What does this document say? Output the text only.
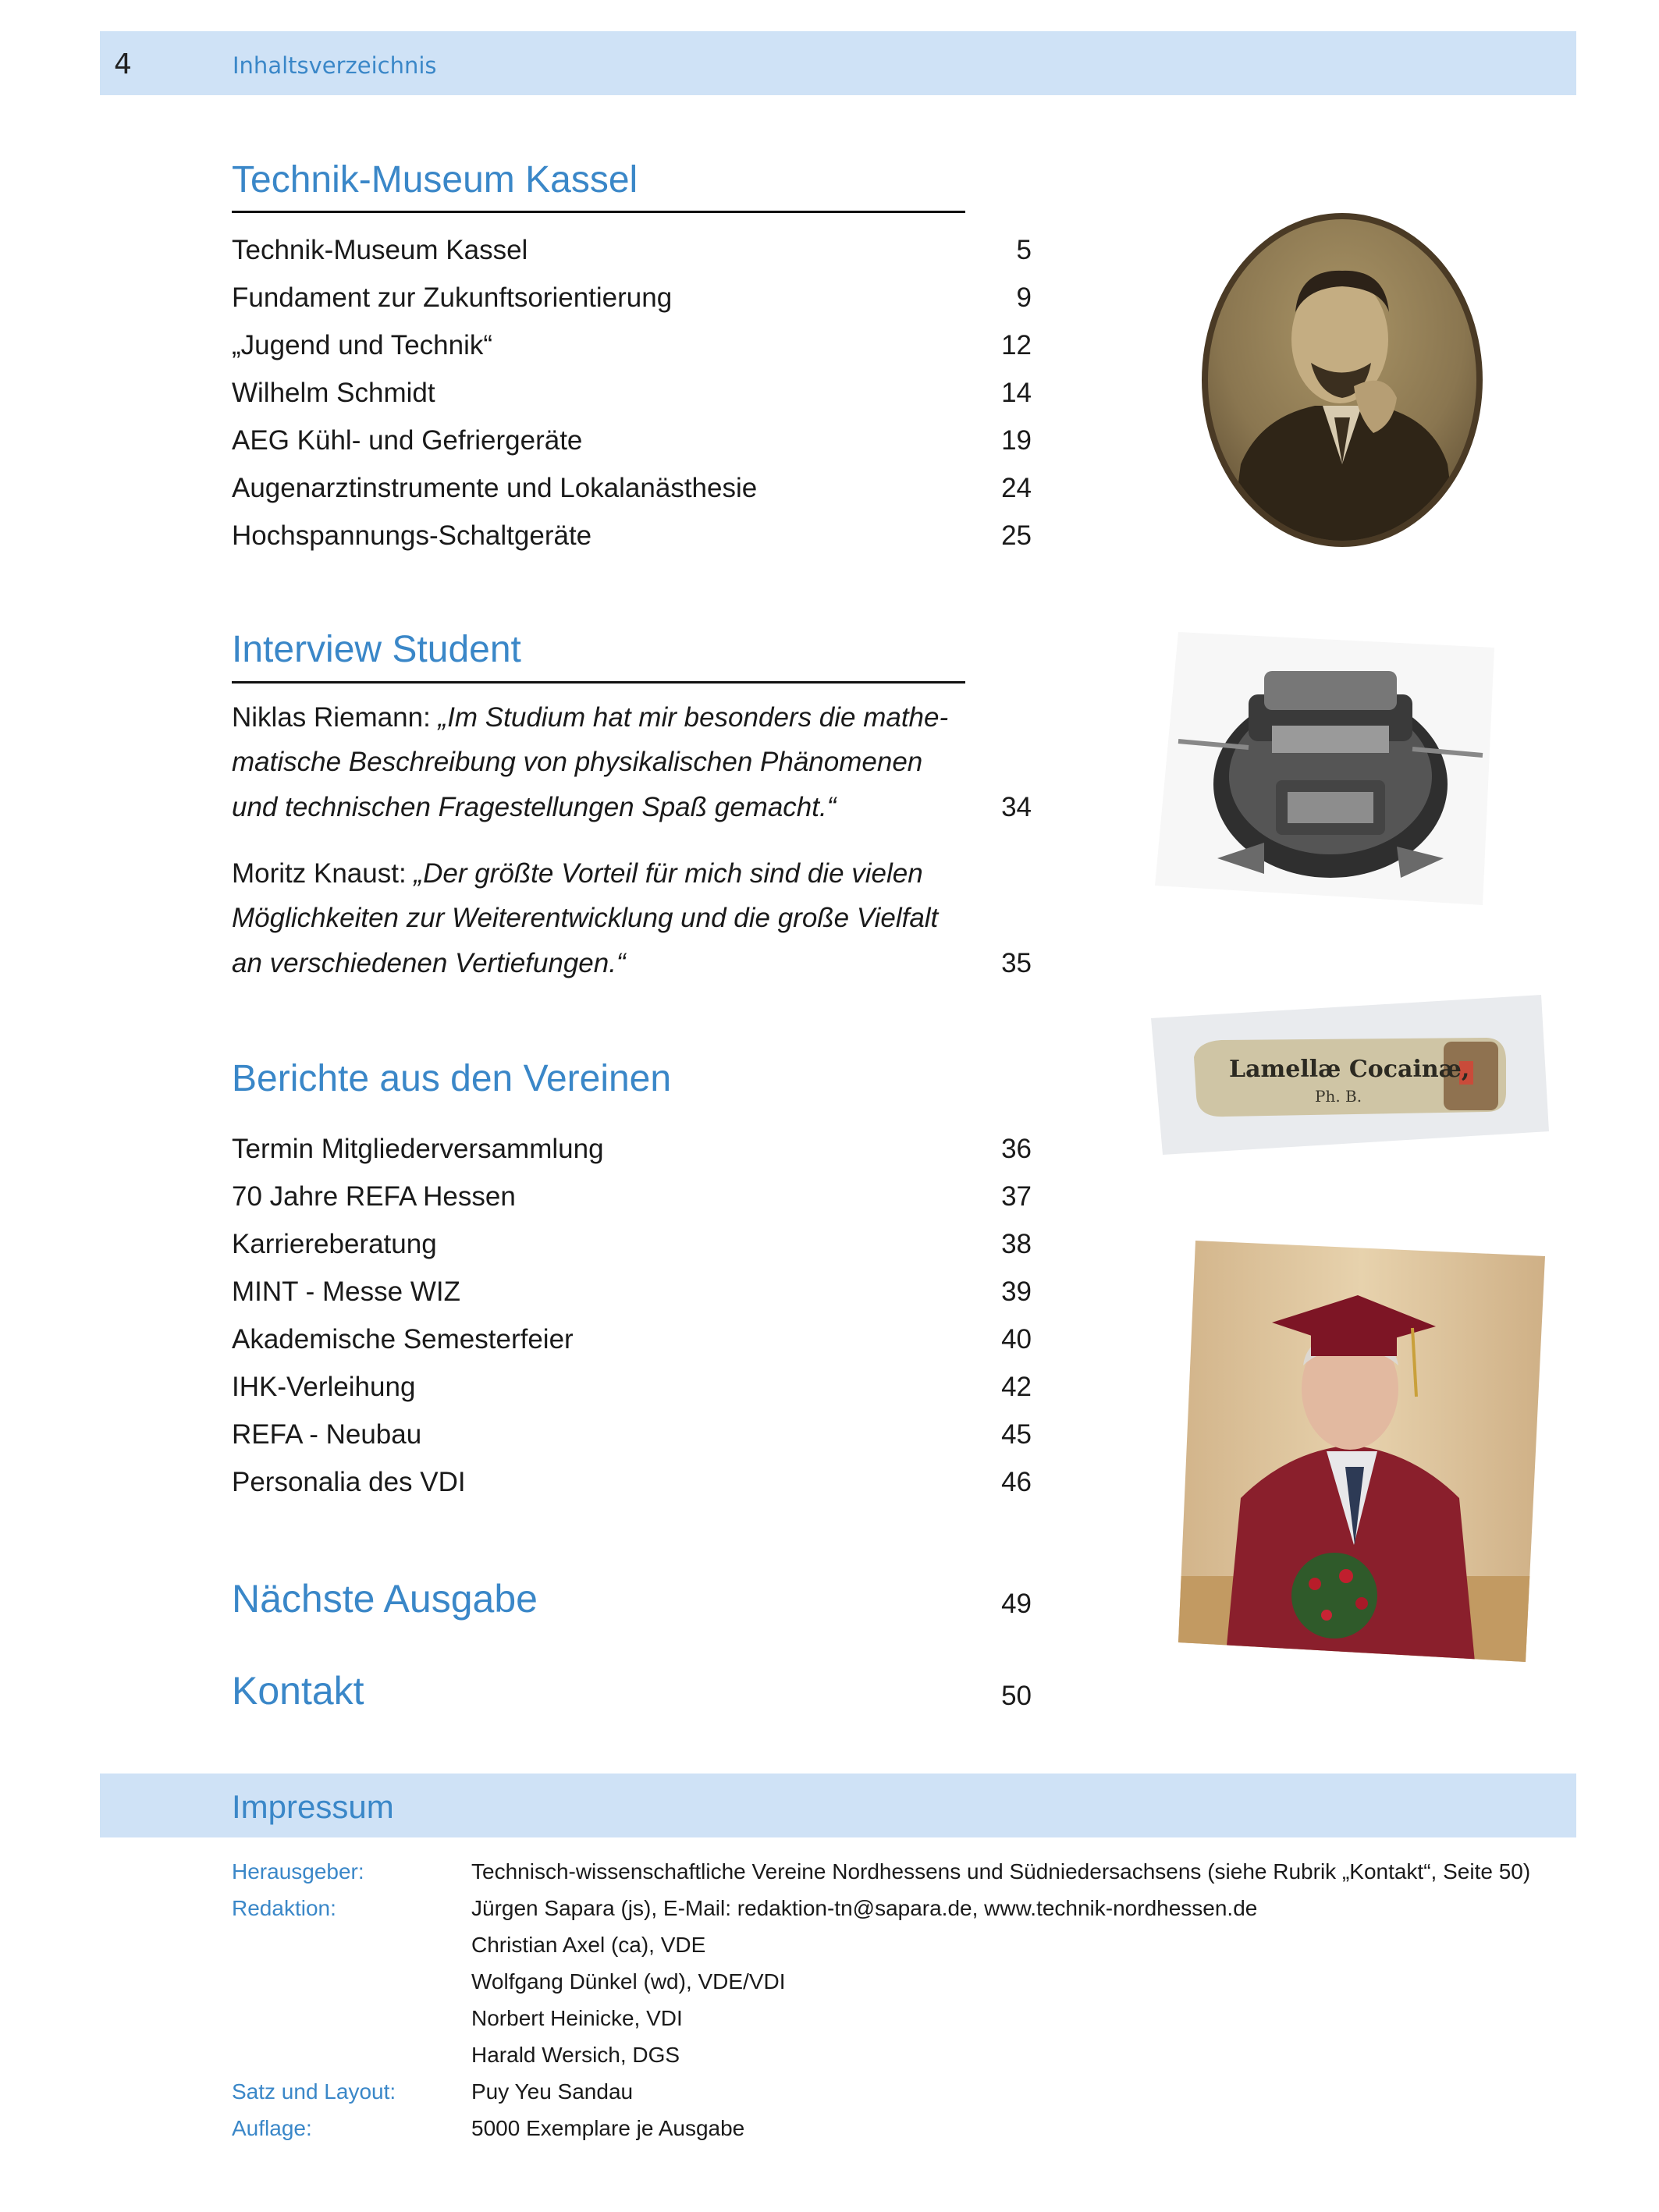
4	Inhaltsverzeichnis
Technik-Museum Kassel
Technik-Museum Kassel	5
Fundament zur Zukunftsorientierung	9
„Jugend und Technik“	12
Wilhelm Schmidt	14
AEG Kühl- und Gefriergeräte	19
Augenarztinstrumente und Lokalanästhesie	24
Hochspannungs-Schaltgeräte	25
Interview Student
Niklas Riemann: „Im Studium hat mir besonders die mathe-
matische Beschreibung von physikalischen Phänomenen
und technischen Fragestellungen Spaß gemacht.“	34
Moritz Knaust: „Der größte Vorteil für mich sind die vielen
Möglichkeiten zur Weiterentwicklung und die große Vielfalt
an verschiedenen Vertiefungen.“	35
Berichte aus den Vereinen
Termin Mitgliederversammlung	36
70 Jahre REFA Hessen	37
Karriereberatung	38
MINT - Messe WIZ	39
Akademische Semesterfeier	40
IHK-Verleihung	42
REFA - Neubau	45
Personalia des VDI	46
Nächste Ausgabe	49
Kontakt	50
Lamellæ Cocainæ,
Ph. B.
Impressum
Herausgeber:	Technisch-wissenschaftliche Vereine Nordhessens und Südniedersachsens (siehe Rubrik „Kontakt“, Seite 50)
Redaktion:	Jürgen Sapara (js), E-Mail: redaktion-tn@sapara.de, www.technik-nordhessen.de
Christian Axel (ca), VDE
Wolfgang Dünkel (wd), VDE/VDI
Norbert Heinicke, VDI
Harald Wersich, DGS
Satz und Layout:	Puy Yeu Sandau
Auflage:	5000 Exemplare je Ausgabe
